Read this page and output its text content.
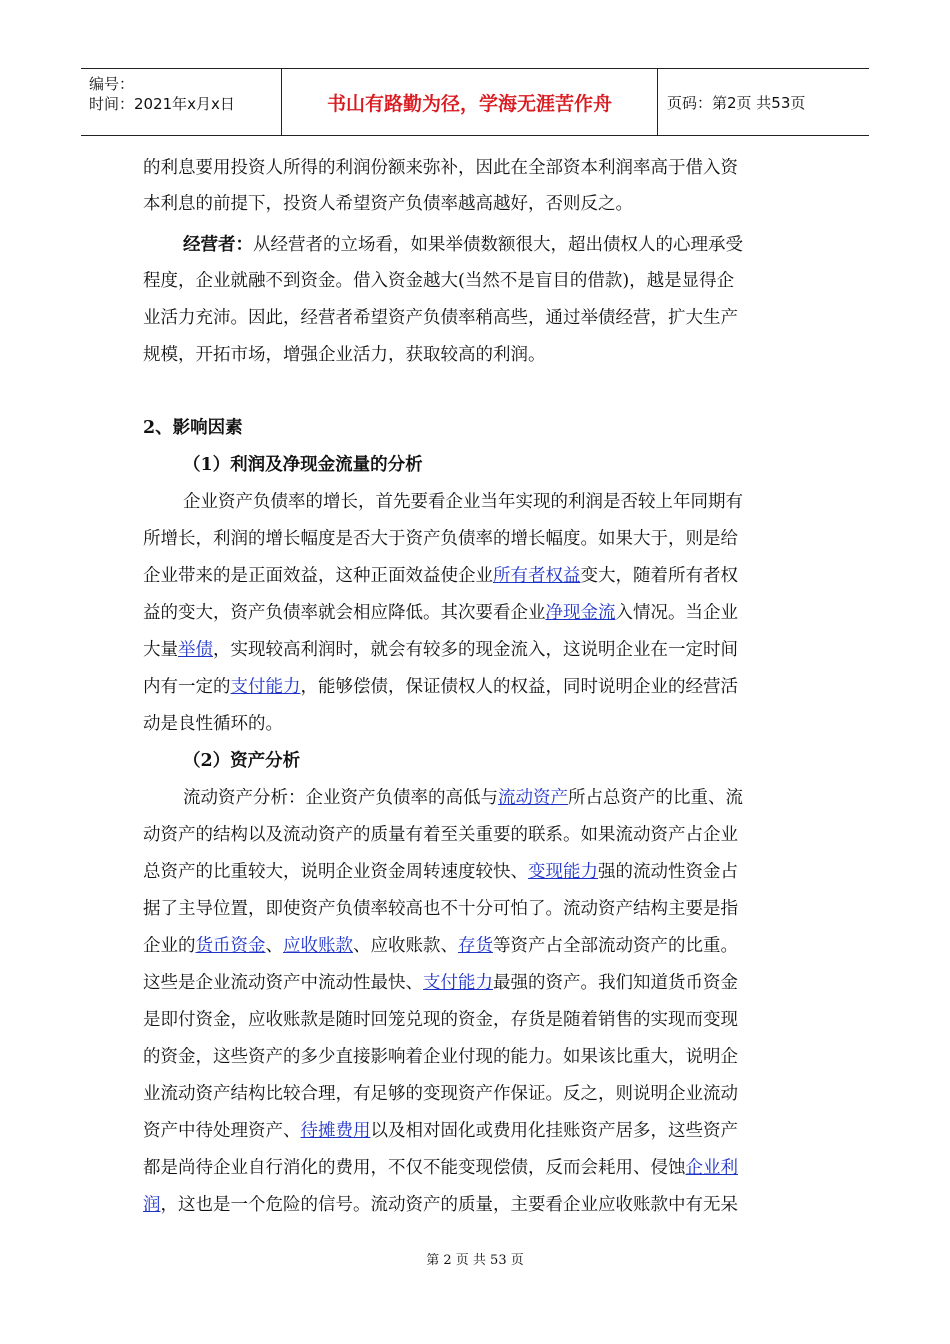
编号：
时间：2021年x月x日	书山有路勤为径，学海无涯苦作舟	页码：第2页 共53页
的利息要用投资人所得的利润份额来弥补，因此在全部资本利润率高于借入资
本利息的前提下，投资人希望资产负债率越高越好，否则反之。
经营者：从经营者的立场看，如果举债数额很大，超出债权人的心理承受
程度，企业就融不到资金。借入资金越大(当然不是盲目的借款)，越是显得企
业活力充沛。因此，经营者希望资产负债率稍高些，通过举债经营，扩大生产
规模，开拓市场，增强企业活力，获取较高的利润。
2、影响因素
（1）利润及净现金流量的分析
企业资产负债率的增长，首先要看企业当年实现的利润是否较上年同期有
所增长，利润的增长幅度是否大于资产负债率的增长幅度。如果大于，则是给
企业带来的是正面效益，这种正面效益使企业所有者权益变大，随着所有者权
益的变大，资产负债率就会相应降低。其次要看企业净现金流入情况。当企业
大量举债，实现较高利润时，就会有较多的现金流入，这说明企业在一定时间
内有一定的支付能力，能够偿债，保证债权人的权益，同时说明企业的经营活
动是良性循环的。
（2）资产分析
流动资产分析：企业资产负债率的高低与流动资产所占总资产的比重、流
动资产的结构以及流动资产的质量有着至关重要的联系。如果流动资产占企业
总资产的比重较大，说明企业资金周转速度较快、变现能力强的流动性资金占
据了主导位置，即使资产负债率较高也不十分可怕了。流动资产结构主要是指
企业的货币资金、应收账款、应收账款、存货等资产占全部流动资产的比重。
这些是企业流动资产中流动性最快、支付能力最强的资产。我们知道货币资金
是即付资金，应收账款是随时回笼兑现的资金，存货是随着销售的实现而变现
的资金，这些资产的多少直接影响着企业付现的能力。如果该比重大，说明企
业流动资产结构比较合理，有足够的变现资产作保证。反之，则说明企业流动
资产中待处理资产、待摊费用以及相对固化或费用化挂账资产居多，这些资产
都是尚待企业自行消化的费用，不仅不能变现偿债，反而会耗用、侵蚀企业利
润，这也是一个危险的信号。流动资产的质量，主要看企业应收账款中有无呆
第 2 页 共 53 页
